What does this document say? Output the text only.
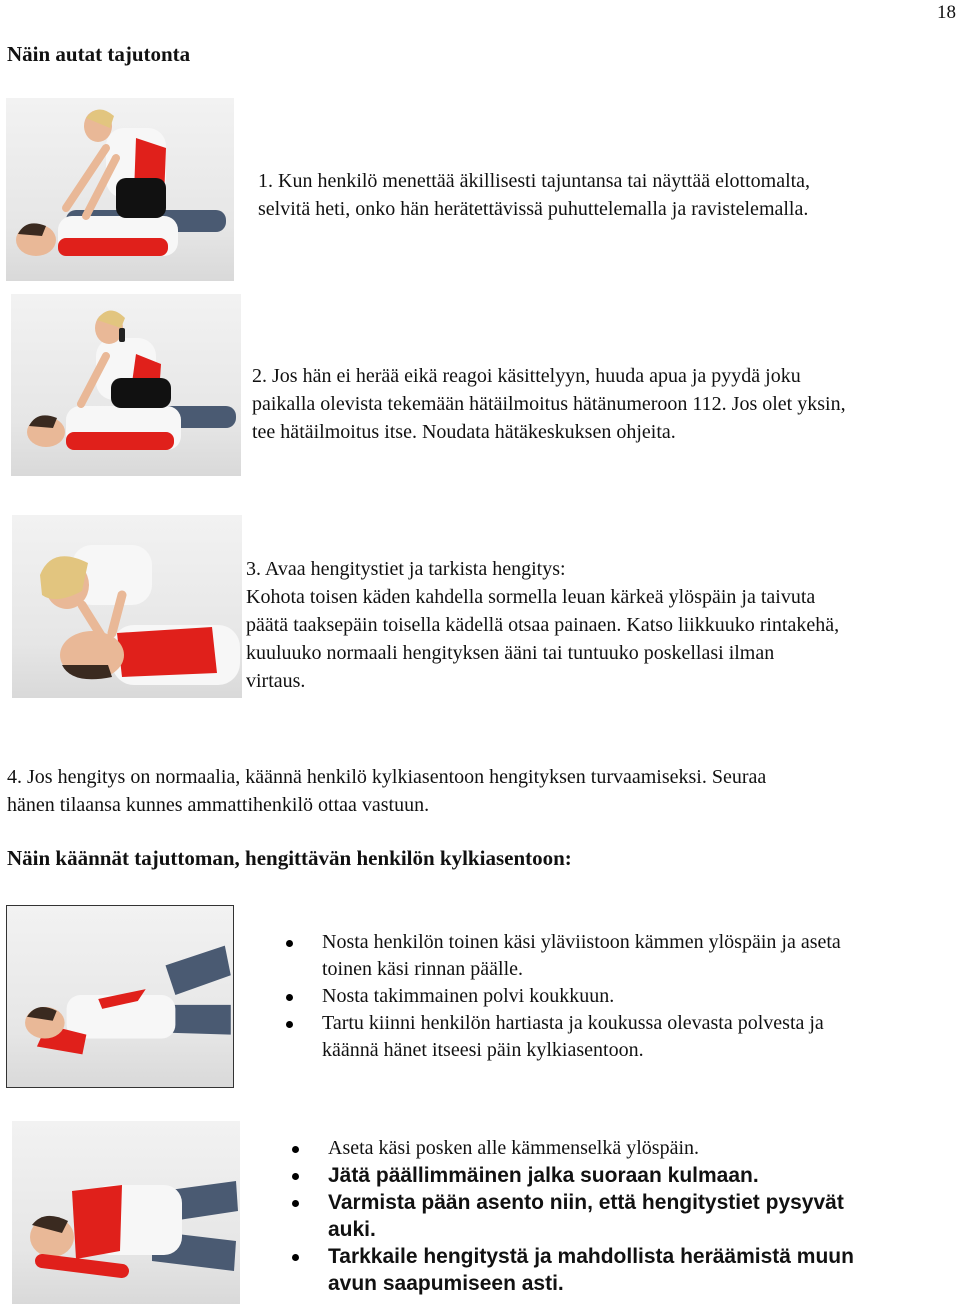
18
Näin autat tajutonta
1. Kun henkilö menettää äkillisesti tajuntansa tai näyttää elottomalta,
selvitä heti, onko hän herätettävissä puhuttelemalla ja ravistelemalla.
2. Jos hän ei herää eikä reagoi käsittelyyn, huuda apua ja pyydä joku
paikalla olevista tekemään hätäilmoitus hätänumeroon 112. Jos olet yksin,
tee hätäilmoitus itse. Noudata hätäkeskuksen ohjeita.
3. Avaa hengitystiet ja tarkista hengitys:
Kohota toisen käden kahdella sormella leuan kärkeä ylöspäin ja taivuta
päätä taaksepäin toisella kädellä otsaa painaen. Katso liikkuuko rintakehä,
kuuluuko normaali hengityksen ääni tai tuntuuko poskellasi ilman
virtaus.
4. Jos hengitys on normaalia, käännä henkilö kylkiasentoon hengityksen turvaamiseksi. Seuraa
hänen tilaansa kunnes ammattihenkilö ottaa vastuun.
Näin käännät tajuttoman, hengittävän henkilön kylkiasentoon:
Nosta henkilön toinen käsi yläviistoon kämmen ylöspäin ja aseta
toinen käsi rinnan päälle.
Nosta takimmainen polvi koukkuun.
Tartu kiinni henkilön hartiasta ja koukussa olevasta polvesta ja
käännä hänet itseesi päin kylkiasentoon.
Aseta käsi posken alle kämmenselkä ylöspäin.
Jätä päällimmäinen jalka suoraan kulmaan.
Varmista pään asento niin, että hengitystiet pysyvät
auki.
Tarkkaile hengitystä ja mahdollista heräämistä muun
avun saapumiseen asti.
